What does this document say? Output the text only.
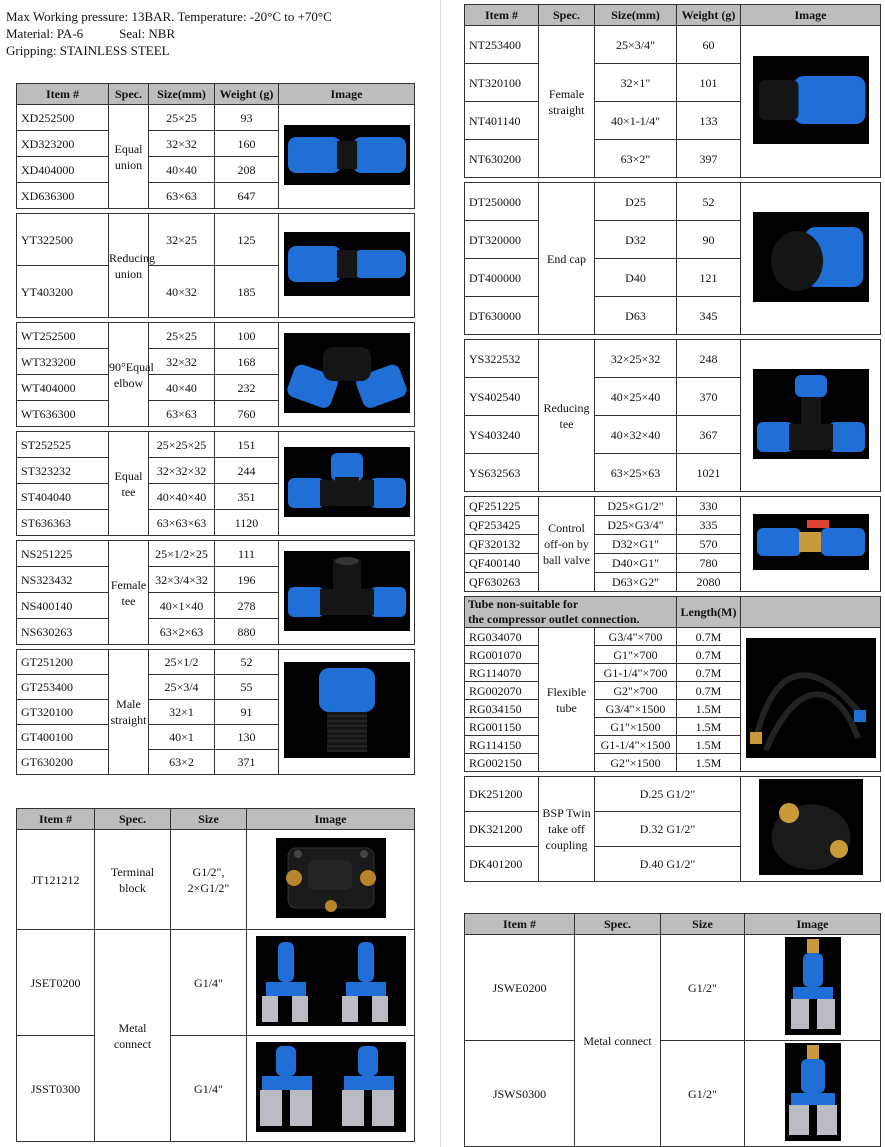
Max Working pressure: 13BAR. Temperature: -20°C to +70°C
Material: PA-6	Seal: NBR
Gripping: STAINLESS STEEL
Item #	Spec.	Size(mm)	Weight (g)	Image
XD252500	Equal union	25×25	93	
XD323200		32×32	160	
XD404000		40×40	208	
XD636300		63×63	647	

YT322500	Reducing union	32×25	125	
YT403200		40×32	185	

WT252500	90°Equal elbow	25×25	100	
WT323200		32×32	168	
WT404000		40×40	232	
WT636300		63×63	760	

ST252525	Equal tee	25×25×25	151	
ST323232		32×32×32	244	
ST404040		40×40×40	351	
ST636363		63×63×63	1120	

NS251225	Female tee	25×1/2×25	111	
NS323432		32×3/4×32	196	
NS400140		40×1×40	278	
NS630263		63×2×63	880	

GT251200	Male straight	25×1/2	52	
GT253400		25×3/4	55	
GT320100		32×1	91	
GT400100		40×1	130	
GT630200		63×2	371	
Item #	Spec.	Size(mm)	Weight (g)	Image
NT253400	Female straight	25×3/4"	60	
NT320100		32×1"	101	
NT401140		40×1-1/4"	133	
NT630200		63×2"	397	

DT250000	End cap	D25	52	
DT320000		D32	90	
DT400000		D40	121	
DT630000		D63	345	

YS322532	Reducing tee	32×25×32	248	
YS402540		40×25×40	370	
YS403240		40×32×40	367	
YS632563		63×25×63	1021	

QF251225	Control off-on by ball valve	D25×G1/2"	330	
QF253425		D25×G3/4"	335	
QF320132		D32×G1"	570	
QF400140		D40×G1"	780	
QF630263		D63×G2"	2080	

Tube non-suitable for
the compressor outlet connection.			Length(M)	
RG034070	Flexible tube	G3/4"×700	0.7M	
RG001070		G1"×700	0.7M	
RG114070		G1-1/4"×700	0.7M	
RG002070		G2"×700	0.7M	
RG034150		G3/4"×1500	1.5M	
RG001150		G1"×1500	1.5M	
RG114150		G1-1/4"×1500	1.5M	
RG002150		G2"×1500	1.5M	

DK251200	BSP Twin take off coupling	D.25 G1/2"	
DK321200		D.32 G1/2"		
DK401200		D.40 G1/2"		
Item #	Spec.	Size	Image
JT121212	Terminal block	G1/2",
2×G1/2"	
JSET0200	Metal connect	G1/4"	
JSST0300		G1/4"	
Item #	Spec.	Size	Image
JSWE0200	Metal connect	G1/2"	
JSWS0300		G1/2"	
